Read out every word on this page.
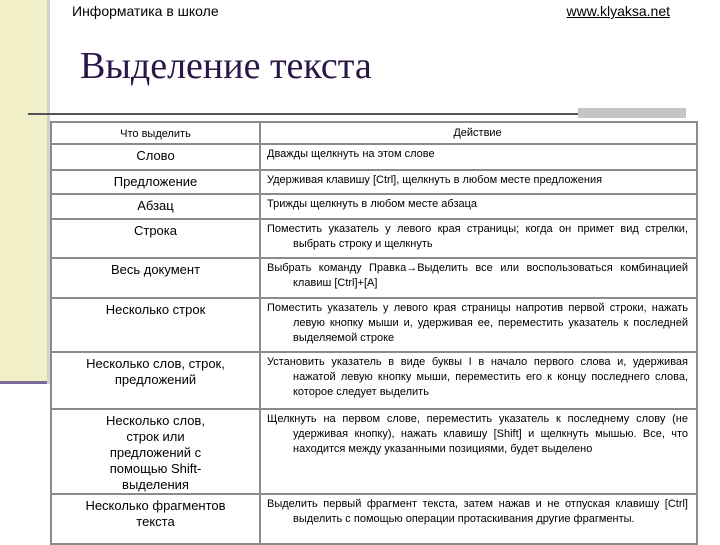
Информатика в школе	www.klyaksa.net
Выделение текста
Что выделить	Действие
Слово	Дважды щелкнуть на этом слове

Предложение	Удерживая клавишу [Ctrl], щелкнуть в любом месте предложения

Абзац	Трижды щелкнуть в любом месте абзаца

Строка	Поместить указатель у левого края страницы; когда он примет вид стрелки, выбрать строку и щелкнуть

Весь документ	Выбрать команду Правка→Выделить все или воспользоваться комбинацией клавиш [Ctrl]+[A]

Несколько строк	Поместить указатель у левого края страницы напротив первой строки, нажать левую кнопку мыши и, удерживая ее, переместить указатель к последней выделяемой строке

Несколько слов, строк, предложений	Установить указатель в виде буквы I в начало первого слова и, удерживая нажатой левую кнопку мыши, переместить его к концу последнего слова, которое следует выделить

Несколько слов, строк или предложений с помощью Shift-выделения	Щелкнуть на первом слове, переместить указатель к последнему слову (не удерживая кнопку), нажать клавишу [Shift] и щелкнуть мышью. Все, что находится между указанными позициями, будет выделено

Несколько фрагментов текста	Выделить первый фрагмент текста, затем нажав и не отпуская клавишу [Ctrl] выделить с помощью операции протаскивания другие фрагменты.
